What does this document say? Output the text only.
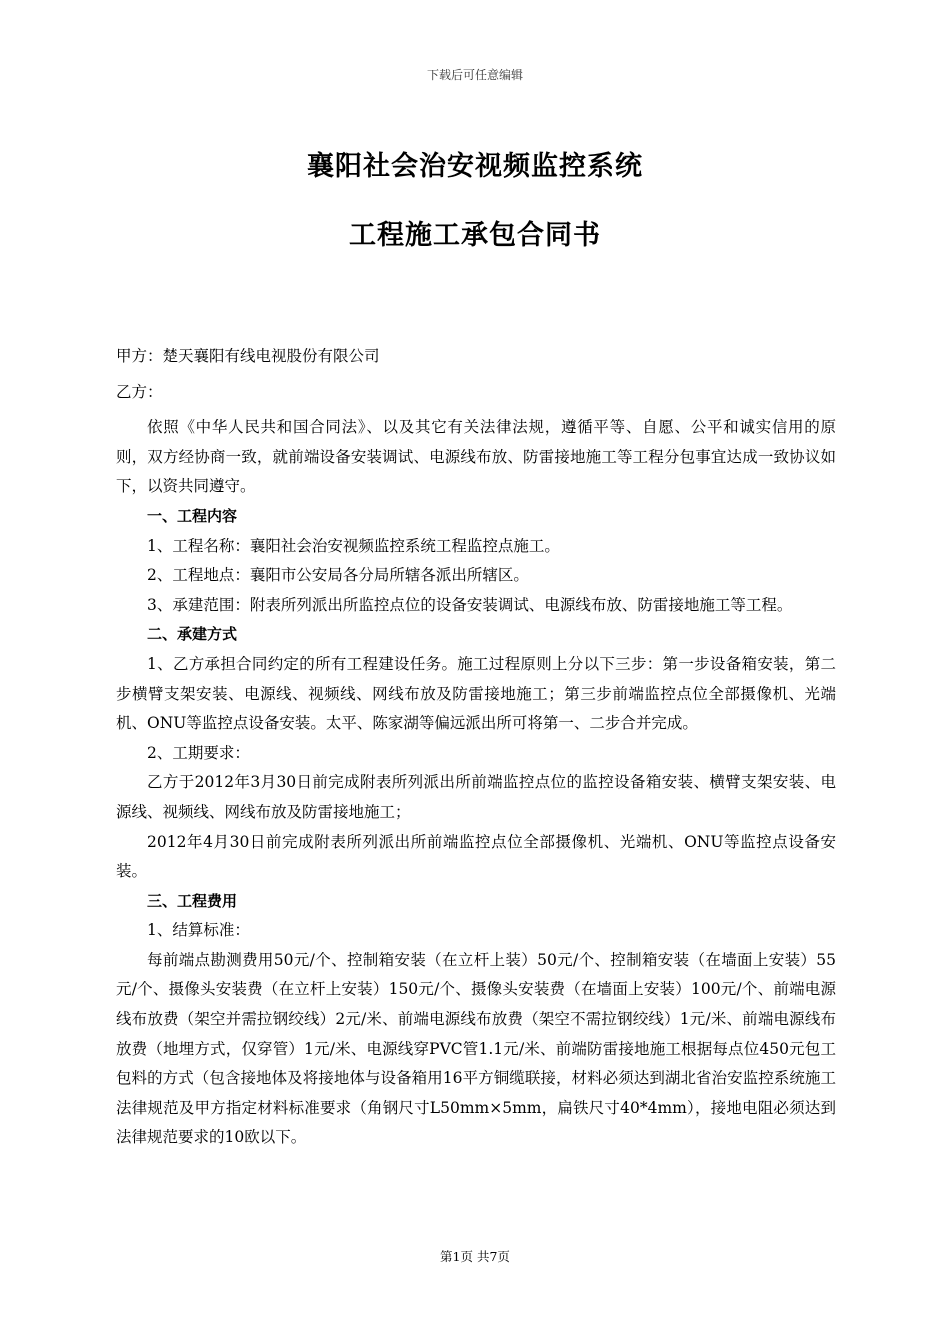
下载后可任意编辑
襄阳社会治安视频监控系统
工程施工承包合同书

甲方：楚天襄阳有线电视股份有限公司

乙方：

依照《中华人民共和国合同法》、以及其它有关法律法规，遵循平等、自愿、公平和诚实信用的原则，双方经协商一致，就前端设备安装调试、电源线布放、防雷接地施工等工程分包事宜达成一致协议如下，以资共同遵守。

一、工程内容

1、工程名称：襄阳社会治安视频监控系统工程监控点施工。

2、工程地点：襄阳市公安局各分局所辖各派出所辖区。

3、承建范围：附表所列派出所监控点位的设备安装调试、电源线布放、防雷接地施工等工程。

二、承建方式

1、乙方承担合同约定的所有工程建设任务。施工过程原则上分以下三步：第一步设备箱安装，第二步横臂支架安装、电源线、视频线、网线布放及防雷接地施工；第三步前端监控点位全部摄像机、光端机、ONU等监控点设备安装。太平、陈家湖等偏远派出所可将第一、二步合并完成。

2、工期要求：

乙方于2012年3月30日前完成附表所列派出所前端监控点位的监控设备箱安装、横臂支架安装、电源线、视频线、网线布放及防雷接地施工；

2012年4月30日前完成附表所列派出所前端监控点位全部摄像机、光端机、ONU等监控点设备安装。

三、工程费用

1、结算标准：

每前端点勘测费用50元/个、控制箱安装（在立杆上装）50元/个、控制箱安装（在墙面上安装）55元/个、摄像头安装费（在立杆上安装）150元/个、摄像头安装费（在墙面上安装）100元/个、前端电源线布放费（架空并需拉钢绞线）2元/米、前端电源线布放费（架空不需拉钢绞线）1元/米、前端电源线布放费（地埋方式，仅穿管）1元/米、电源线穿PVC管1.1元/米、前端防雷接地施工根据每点位450元包工包料的方式（包含接地体及将接地体与设备箱用16平方铜缆联接，材料必须达到湖北省治安监控系统施工法律规范及甲方指定材料标准要求（角钢尺寸L50mm×5mm，扁铁尺寸40*4mm），接地电阻必须达到法律规范要求的10欧以下。

第1页 共7页
